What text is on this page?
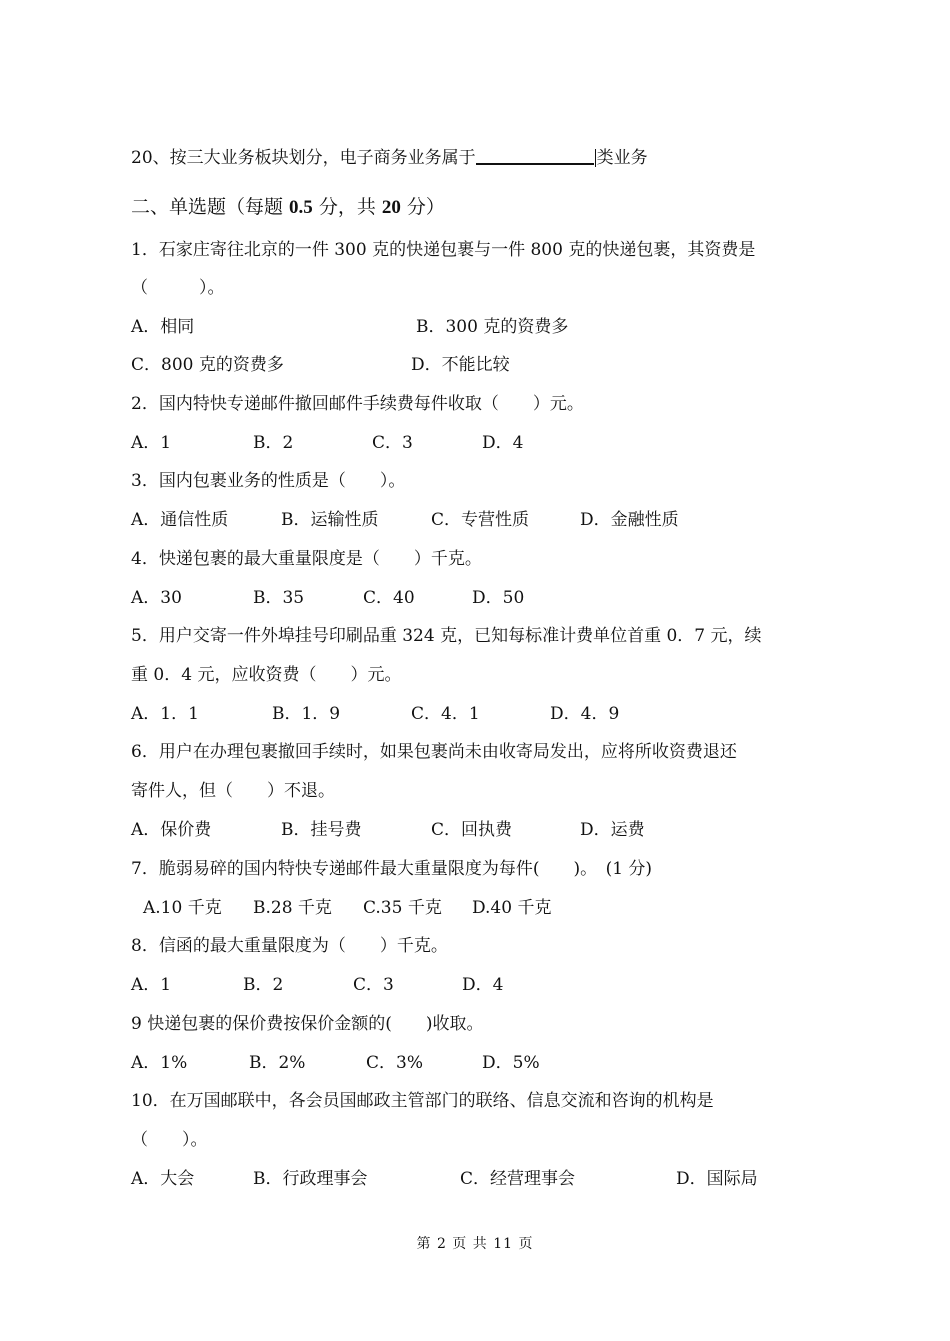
20、按三大业务板块划分，电子商务业务属于	类业务
二、单选题（每题 0.5 分，共 20 分）
1．石家庄寄往北京的一件 300 克的快递包裹与一件 800 克的快递包裹，其资费是
（　　　）。
A．相同	B．300 克的资费多
C．800 克的资费多	D．不能比较
2．国内特快专递邮件撤回邮件手续费每件收取（　　）元。
A．1	B．2	C．3	D．4
3．国内包裹业务的性质是（　　）。
A．通信性质	B．运输性质	C．专营性质	D．金融性质
4．快递包裹的最大重量限度是（　　）千克。
A．30	B．35	C．40	D．50
5．用户交寄一件外埠挂号印刷品重 324 克，已知每标准计费单位首重 0．7 元，续
重 0．4 元，应收资费（　　）元。
A．1．1	B．1．9	C．4．1	D．4．9
6．用户在办理包裹撤回手续时，如果包裹尚未由收寄局发出，应将所收资费退还
寄件人，但（　　）不退。
A．保价费	B．挂号费	C．回执费	D．运费
7．脆弱易碎的国内特快专递邮件最大重量限度为每件(　　)。　(1 分)
A.10 千克 B.28 千克 C.35 千克 D.40 千克
8．信函的最大重量限度为（　　）千克。
A．1	B．2	C．3	D．4
9 快递包裹的保价费按保价金额的(　　)收取。
A．1%	B．2%	C．3%	D．5%
10．在万国邮联中，各会员国邮政主管部门的联络、信息交流和咨询的机构是
（　　）。
A．大会	B．行政理事会	C．经营理事会	D．国际局
第 2 页 共 11 页
